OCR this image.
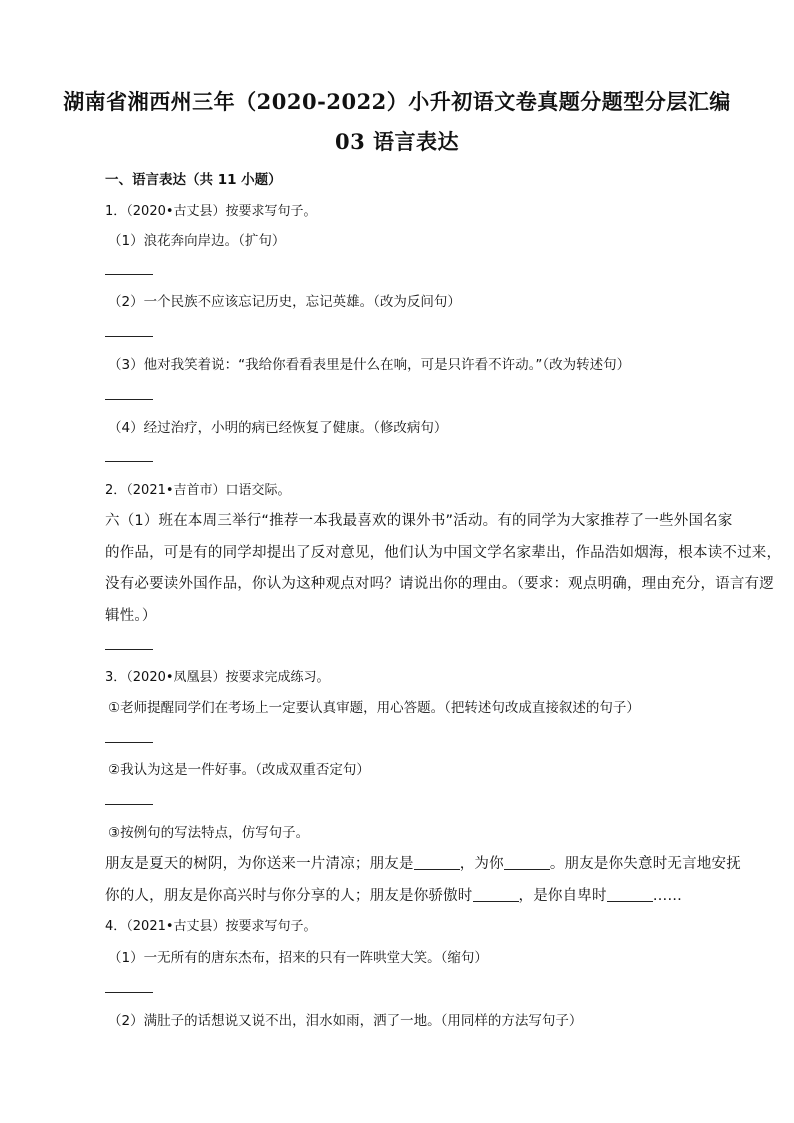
湖南省湘西州三年（2020-2022）小升初语文卷真题分题型分层汇编
03 语言表达
一、语言表达（共 11 小题）
1．（2020•古丈县）按要求写句子。
（1）浪花奔向岸边。（扩句）
（2）一个民族不应该忘记历史，忘记英雄。（改为反问句）
（3）他对我笑着说：“我给你看看表里是什么在响，可是只许看不许动。”（改为转述句）
（4）经过治疗，小明的病已经恢复了健康。（修改病句）
2．（2021•吉首市）口语交际。
六（1）班在本周三举行“推荐一本我最喜欢的课外书”活动。有的同学为大家推荐了一些外国名家
的作品，可是有的同学却提出了反对意见，他们认为中国文学名家辈出，作品浩如烟海，根本读不过来，
没有必要读外国作品，你认为这种观点对吗？请说出你的理由。（要求：观点明确，理由充分，语言有逻
辑性。）
3．（2020•凤凰县）按要求完成练习。
①老师提醒同学们在考场上一定要认真审题，用心答题。（把转述句改成直接叙述的句子）
②我认为这是一件好事。（改成双重否定句）
③按例句的写法特点，仿写句子。
朋友是夏天的树阴，为你送来一片清凉；朋友是	，为你	。朋友是你失意时无言地安抚
你的人，朋友是你高兴时与你分享的人；朋友是你骄傲时	，是你自卑时	……
4．（2021•古丈县）按要求写句子。
（1）一无所有的唐东杰布，招来的只有一阵哄堂大笑。（缩句）
（2）满肚子的话想说又说不出，泪水如雨，洒了一地。（用同样的方法写句子）
